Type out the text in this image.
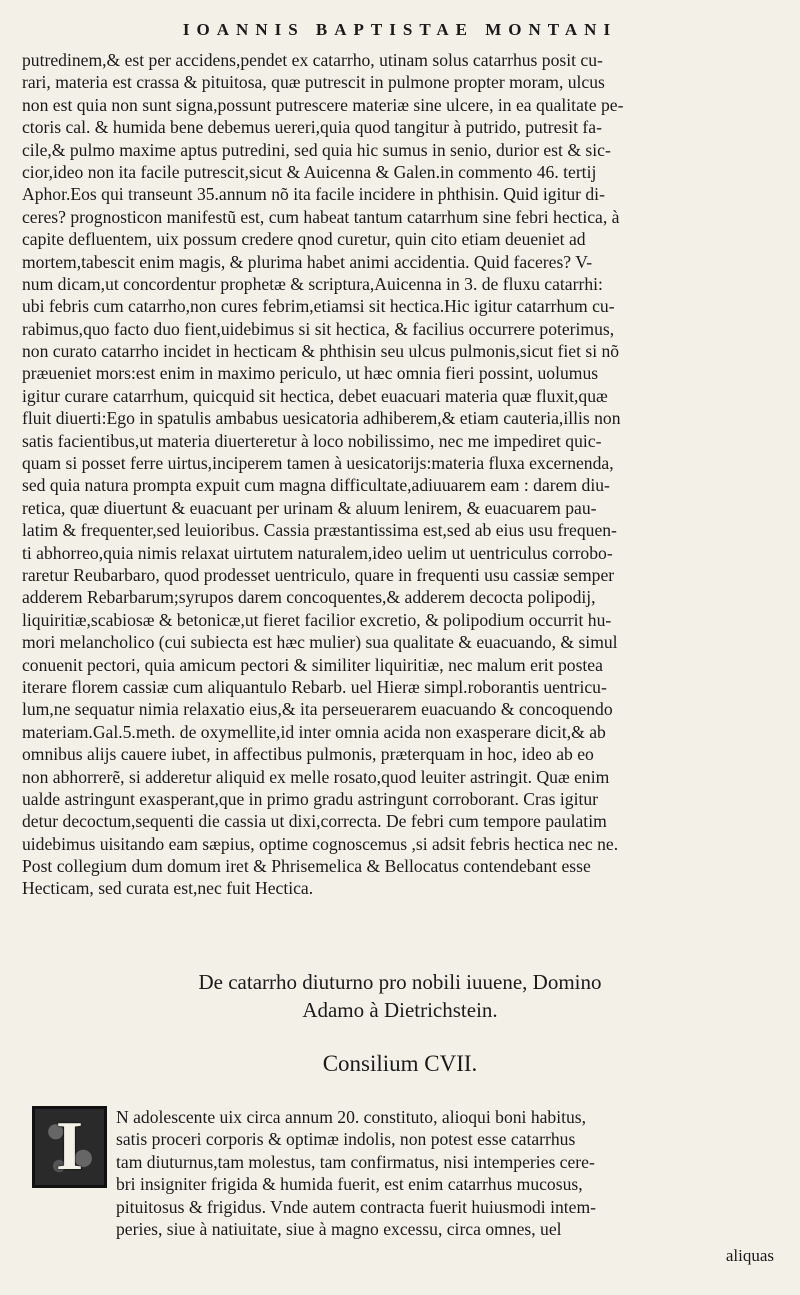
IOANNIS BAPTISTAE MONTANI
putredinem,& est per accidens,pendet ex catarrho, utinam solus catarrhus posit cu-
rari, materia est crassa & pituitosa, quæ putrescit in pulmone propter moram, ulcus
non est quia non sunt signa,possunt putrescere materiæ sine ulcere, in ea qualitate pe-
ctoris cal. & humida bene debemus uereri,quia quod tangitur à putrido, putresit fa-
cile,& pulmo maxime aptus putredini, sed quia hic sumus in senio, durior est & sic-
cior,ideo non ita facile putrescit,sicut & Auicenna & Galen.in commento 46. tertij
Aphor.Eos qui transeunt 35.annum nõ ita facile incidere in phthisin. Quid igitur di-
ceres? prognosticon manifestũ est, cum habeat tantum catarrhum sine febri hectica, à
capite defluentem, uix possum credere qnod curetur, quin cito etiam deueniet ad
mortem,tabescit enim magis, & plurima habet animi accidentia. Quid faceres? V-
num dicam,ut concordentur prophetæ & scriptura,Auicenna in 3. de fluxu catarrhi:
ubi febris cum catarrho,non cures febrim,etiamsi sit hectica.Hic igitur catarrhum cu-
rabimus,quo facto duo fient,uidebimus si sit hectica, & facilius occurrere poterimus,
non curato catarrho incidet in hecticam & phthisin seu ulcus pulmonis,sicut fiet si nõ
præueniet mors:est enim in maximo periculo, ut hæc omnia fieri possint, uolumus
igitur curare catarrhum, quicquid sit hectica, debet euacuari materia quæ fluxit,quæ
fluit diuerti:Ego in spatulis ambabus uesicatoria adhiberem,& etiam cauteria,illis non
satis facientibus,ut materia diuerteretur à loco nobilissimo, nec me impediret quic-
quam si posset ferre uirtus,inciperem tamen à uesicatorijs:materia fluxa excernenda,
sed quia natura prompta expuit cum magna difficultate,adiuuarem eam : darem diu-
retica, quæ diuertunt & euacuant per urinam & aluum lenirem, & euacuarem pau-
latim & frequenter,sed leuioribus. Cassia præstantissima est,sed ab eius usu frequen-
ti abhorreo,quia nimis relaxat uirtutem naturalem,ideo uelim ut uentriculus corrobo-
raretur Reubarbaro, quod prodesset uentriculo, quare in frequenti usu cassiæ semper
adderem Rebarbarum;syrupos darem concoquentes,& adderem decocta polipodij,
liquiritiæ,scabiosæ & betonicæ,ut fieret facilior excretio, & polipodium occurrit hu-
mori melancholico (cui subiecta est hæc mulier) sua qualitate & euacuando, & simul
conuenit pectori, quia amicum pectori & similiter liquiritiæ, nec malum erit postea
iterare florem cassiæ cum aliquantulo Rebarb. uel Hieræ simpl.roborantis uentricu-
lum,ne sequatur nimia relaxatio eius,& ita perseuerarem euacuando & concoquendo
materiam.Gal.5.meth. de oxymellite,id inter omnia acida non exasperare dicit,& ab
omnibus alijs cauere iubet, in affectibus pulmonis, præterquam in hoc, ideo ab eo
non abhorrerẽ, si adderetur aliquid ex melle rosato,quod leuiter astringit. Quæ enim
ualde astringunt exasperant,que in primo gradu astringunt corroborant. Cras igitur
detur decoctum,sequenti die cassia ut dixi,correcta. De febri cum tempore paulatim
uidebimus uisitando eam sæpius, optime cognoscemus ,si adsit febris hectica nec ne.
Post collegium dum domum iret & Phrisemelica & Bellocatus contendebant esse
Hecticam, sed curata est,nec fuit Hectica.
De catarrho diuturno pro nobili iuuene, Domino
Adamo à Dietrichstein.
Consilium CVII.
I N adolescente uix circa annum 20. constituto, alioqui boni habitus,
satis proceri corporis & optimæ indolis, non potest esse catarrhus
tam diuturnus,tam molestus, tam confirmatus, nisi intemperies cere-
bri insigniter frigida & humida fuerit, est enim catarrhus mucosus,
pituitosus & frigidus. Vnde autem contracta fuerit huiusmodi intem-
peries, siue à natiuitate, siue à magno excessu, circa omnes, uel
aliquas
